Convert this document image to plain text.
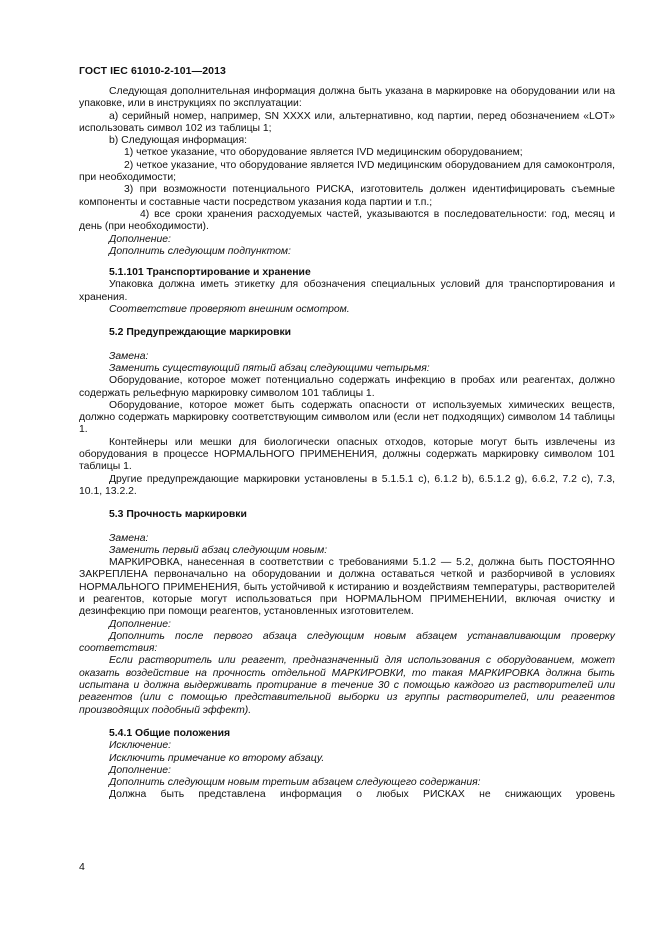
ГОСТ IEC 61010-2-101—2013

Следующая дополнительная информация должна быть указана в маркировке на оборудовании или на упаковке, или в инструкциях по эксплуатации:

а) серийный номер, например, SN XXXX или, альтернативно, код партии, перед обозначением «LOT» использовать символ 102 из таблицы 1;

b) Следующая информация:

1) четкое указание, что оборудование является IVD медицинским оборудованием;

2) четкое указание, что оборудование является IVD медицинским оборудованием для самоконтроля, при необходимости;

3) при возможности потенциального РИСКА, изготовитель должен идентифицировать съемные компоненты и составные части посредством указания кода партии и т.п.;

4) все сроки хранения расходуемых частей, указываются в последовательности: год, месяц и день (при необходимости).

Дополнение:

Дополнить следующим подпунктом:

5.1.101 Транспортирование и хранение

Упаковка должна иметь этикетку для обозначения специальных условий для транспортирования и хранения.

Соответствие проверяют внешним осмотром.

5.2 Предупреждающие маркировки

Замена:

Заменить существующий пятый абзац следующими четырьмя:

Оборудование, которое может потенциально содержать инфекцию в пробах или реагентах, должно содержать рельефную маркировку символом 101 таблицы 1.

Оборудование, которое может быть содержать опасности от используемых химических веществ, должно содержать маркировку соответствующим символом или (если нет подходящих) символом 14 таблицы 1.

Контейнеры или мешки для биологически опасных отходов, которые могут быть извлечены из оборудования в процессе НОРМАЛЬНОГО ПРИМЕНЕНИЯ, должны содержать маркировку символом 101 таблицы 1.

Другие предупреждающие маркировки установлены в 5.1.5.1 с), 6.1.2 b), 6.5.1.2 g), 6.6.2, 7.2 с), 7.3, 10.1, 13.2.2.

5.3 Прочность маркировки

Замена:

Заменить первый абзац следующим новым:

МАРКИРОВКА, нанесенная в соответствии с требованиями 5.1.2 — 5.2, должна быть ПОСТОЯННО ЗАКРЕПЛЕНА первоначально на оборудовании и должна оставаться четкой и разборчивой в условиях НОРМАЛЬНОГО ПРИМЕНЕНИЯ, быть устойчивой к истиранию и воздействиям температуры, растворителей и реагентов, которые могут использоваться при НОРМАЛЬНОМ ПРИМЕНЕНИИ, включая очистку и дезинфекцию при помощи реагентов, установленных изготовителем.

Дополнение:

Дополнить после первого абзаца следующим новым абзацем устанавливающим проверку соответствия:

Если растворитель или реагент, предназначенный для использования с оборудованием, может оказать воздействие на прочность отдельной МАРКИРОВКИ, то такая МАРКИРОВКА должна быть испытана и должна выдерживать протирание в течение 30 с помощью каждого из растворителей или реагентов (или с помощью представительной выборки из группы растворителей, или реагентов производящих подобный эффект).

5.4.1 Общие положения

Исключение:

Исключить примечание ко второму абзацу.

Дополнение:

Дополнить следующим новым третьим абзацем следующего содержания:

Должна быть представлена информация о любых РИСКАХ не снижающих уровень

4
